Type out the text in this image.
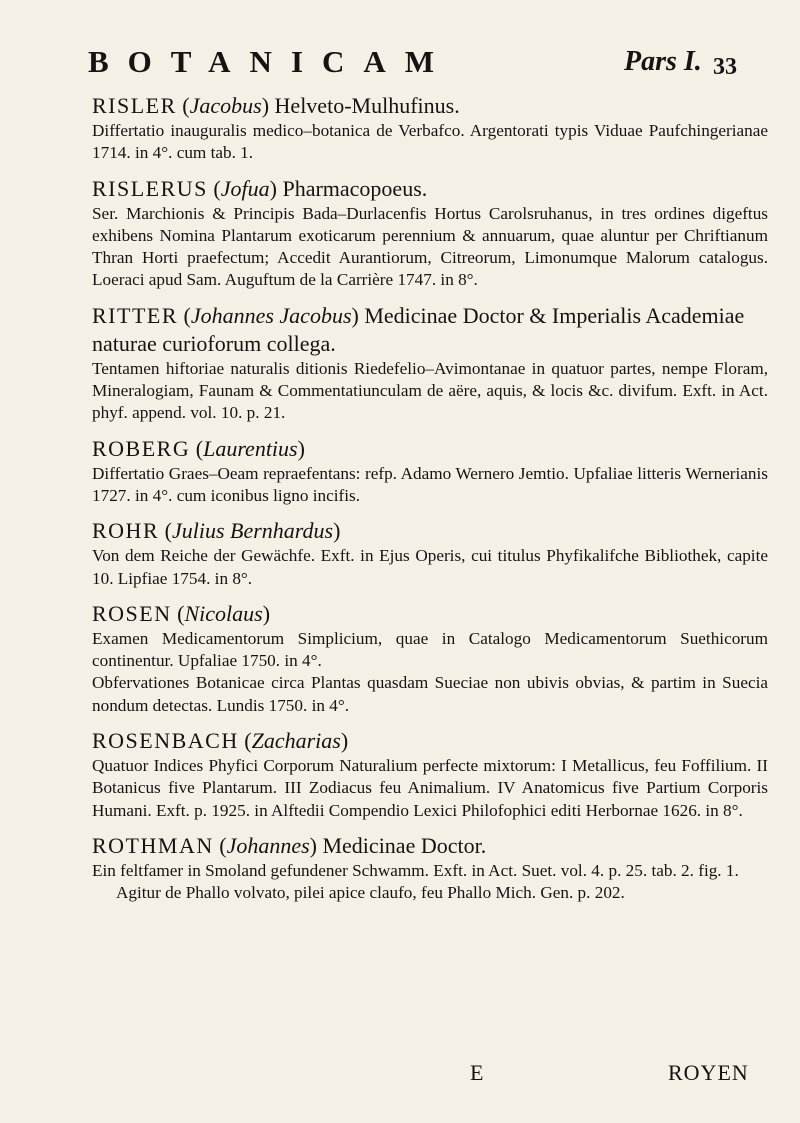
BOTANICAM	Pars I. 33
RISLER (Jacobus) Helveto-Mulhufinus.

Differtatio inauguralis medico–botanica de Verbafco. Argentorati typis Viduae Paufchingerianae 1714. in 4°. cum tab. 1.

RISLERUS (Jofua) Pharmacopoeus.

Ser. Marchionis & Principis Bada–Durlacenfis Hortus Carolsruhanus, in tres ordines digeftus exhibens Nomina Plantarum exoticarum perennium & annuarum, quae aluntur per Chriftianum Thran Horti praefectum; Accedit Aurantiorum, Citreorum, Limonumque Malorum catalogus. Loeraci apud Sam. Auguftum de la Carrière 1747. in 8°.

RITTER (Johannes Jacobus) Medicinae Doctor & Imperialis Academiae naturae curioforum collega.

Tentamen hiftoriae naturalis ditionis Riedefelio–Avimontanae in quatuor partes, nempe Floram, Mineralogiam, Faunam & Commentatiunculam de aëre, aquis, & locis &c. divifum. Exft. in Act. phyf. append. vol. 10. p. 21.

ROBERG (Laurentius)

Differtatio Graes–Oeam repraefentans: refp. Adamo Wernero Jemtio. Upfaliae litteris Wernerianis 1727. in 4°. cum iconibus ligno incifis.

ROHR (Julius Bernhardus)

Von dem Reiche der Gewächfe. Exft. in Ejus Operis, cui titulus Phyfikalifche Bibliothek, capite 10. Lipfiae 1754. in 8°.

ROSEN (Nicolaus)

Examen Medicamentorum Simplicium, quae in Catalogo Medicamentorum Suethicorum continentur. Upfaliae 1750. in 4°.

Obfervationes Botanicae circa Plantas quasdam Sueciae non ubivis obvias, & partim in Suecia nondum detectas. Lundis 1750. in 4°.

ROSENBACH (Zacharias)

Quatuor Indices Phyfici Corporum Naturalium perfecte mixtorum: I Metallicus, feu Foffilium. II Botanicus five Plantarum. III Zodiacus feu Animalium. IV Anatomicus five Partium Corporis Humani. Exft. p. 1925. in Alftedii Compendio Lexici Philofophici editi Herbornae 1626. in 8°.

ROTHMAN (Johannes) Medicinae Doctor.

Ein feltfamer in Smoland gefundener Schwamm. Exft. in Act. Suet. vol. 4. p. 25. tab. 2. fig. 1.

Agitur de Phallo volvato, pilei apice claufo, feu Phallo Mich. Gen. p. 202.

E	ROYEN
